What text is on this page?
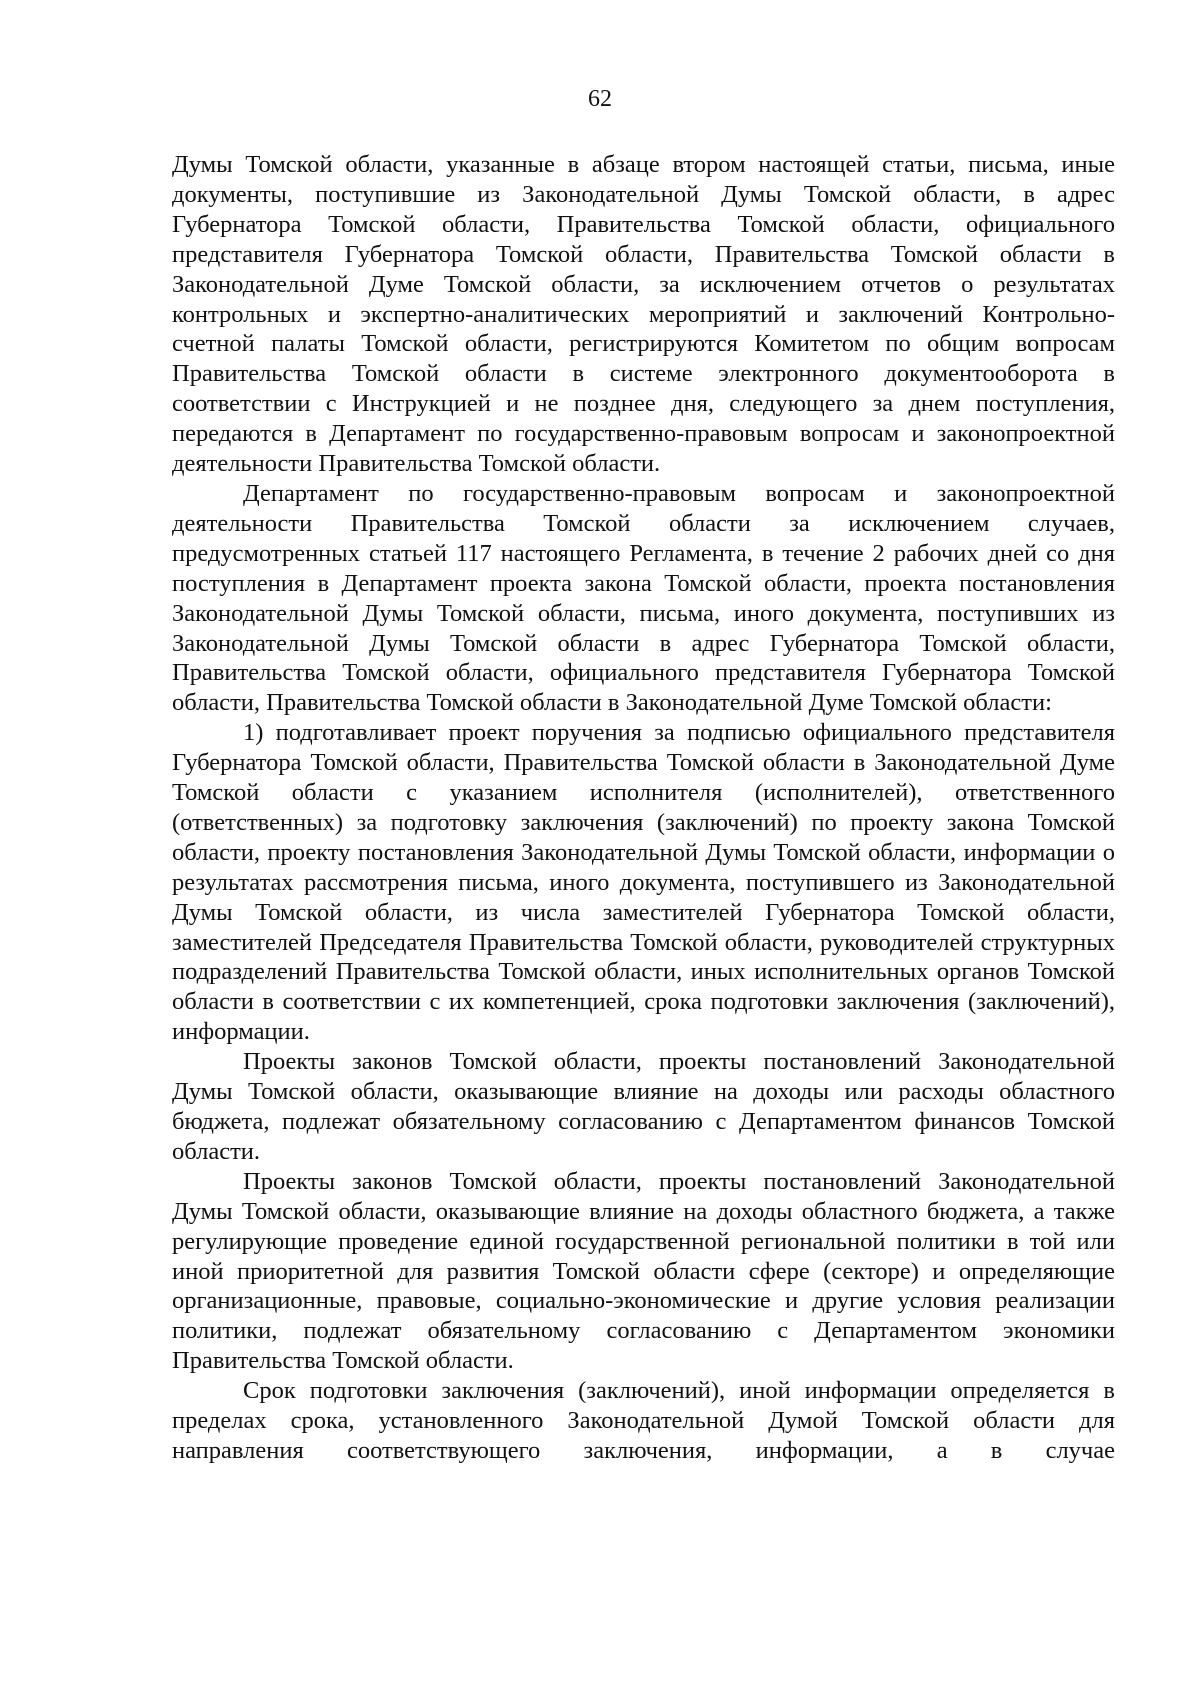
62

Думы Томской области, указанные в абзаце втором настоящей статьи, письма, иные документы, поступившие из Законодательной Думы Томской области, в адрес Губернатора Томской области, Правительства Томской области, официального представителя Губернатора Томской области, Правительства Томской области в Законодательной Думе Томской области, за исключением отчетов о результатах контрольных и экспертно-аналитических мероприятий и заключений Контрольно-счетной палаты Томской области, регистрируются Комитетом по общим вопросам Правительства Томской области в системе электронного документооборота в соответствии с Инструкцией и не позднее дня, следующего за днем поступления, передаются в Департамент по государственно-правовым вопросам и законопроектной деятельности Правительства Томской области.

Департамент по государственно-правовым вопросам и законопроектной деятельности Правительства Томской области за исключением случаев, предусмотренных статьей 117 настоящего Регламента, в течение 2 рабочих дней со дня поступления в Департамент проекта закона Томской области, проекта постановления Законодательной Думы Томской области, письма, иного документа, поступивших из Законодательной Думы Томской области в адрес Губернатора Томской области, Правительства Томской области, официального представителя Губернатора Томской области, Правительства Томской области в Законодательной Думе Томской области:

1) подготавливает проект поручения за подписью официального представителя Губернатора Томской области, Правительства Томской области в Законодательной Думе Томской области с указанием исполнителя (исполнителей), ответственного (ответственных) за подготовку заключения (заключений) по проекту закона Томской области, проекту постановления Законодательной Думы Томской области, информации о результатах рассмотрения письма, иного документа, поступившего из Законодательной Думы Томской области, из числа заместителей Губернатора Томской области, заместителей Председателя Правительства Томской области, руководителей структурных подразделений Правительства Томской области, иных исполнительных органов Томской области в соответствии с их компетенцией, срока подготовки заключения (заключений), информации.

Проекты законов Томской области, проекты постановлений Законодательной Думы Томской области, оказывающие влияние на доходы или расходы областного бюджета, подлежат обязательному согласованию с Департаментом финансов Томской области.

Проекты законов Томской области, проекты постановлений Законодательной Думы Томской области, оказывающие влияние на доходы областного бюджета, а также регулирующие проведение единой государственной региональной политики в той или иной приоритетной для развития Томской области сфере (секторе) и определяющие организационные, правовые, социально-экономические и другие условия реализации политики, подлежат обязательному согласованию с Департаментом экономики Правительства Томской области.

Срок подготовки заключения (заключений), иной информации определяется в пределах срока, установленного Законодательной Думой Томской области для направления соответствующего заключения, информации, а в случае
